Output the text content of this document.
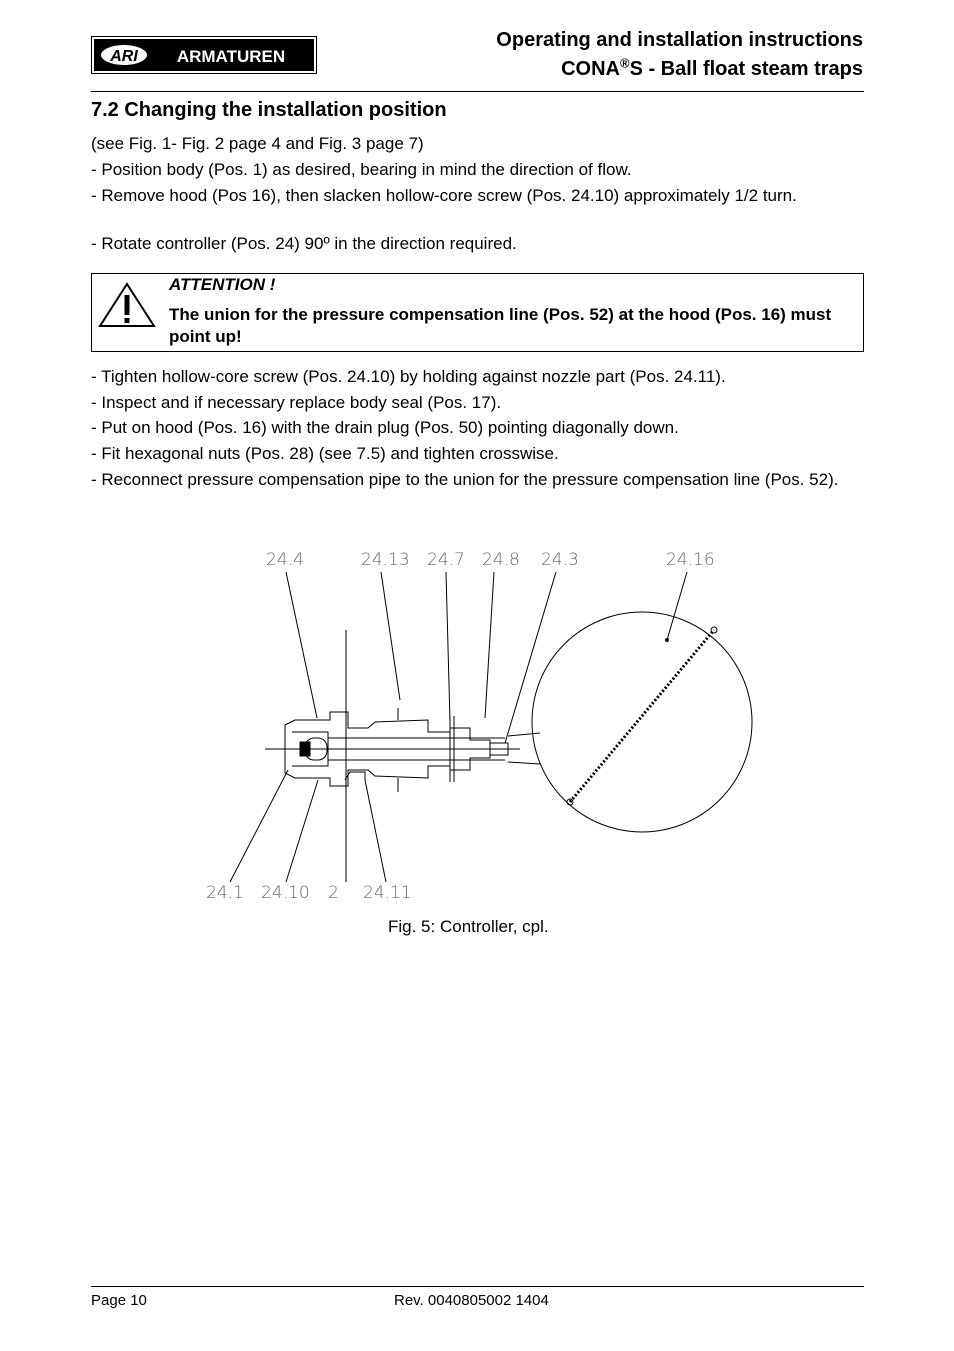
ARI ARMATUREN
Operating and installation instructions
CONA®S - Ball float steam traps
7.2 Changing the installation position
(see Fig. 1- Fig. 2 page 4 and Fig. 3 page 7)
- Position body (Pos. 1) as desired, bearing in mind the direction of flow.
- Remove hood (Pos 16), then slacken hollow-core screw (Pos. 24.10) approximately 1/2 turn.
- Rotate controller (Pos. 24) 90º in the direction required.
ATTENTION !
The union for the pressure compensation line (Pos. 52) at the hood (Pos. 16) must point up!
- Tighten hollow-core screw (Pos. 24.10) by holding against nozzle part (Pos. 24.11).
- Inspect and if necessary replace body seal (Pos. 17).
- Put on hood (Pos. 16) with the drain plug (Pos. 50) pointing diagonally down.
- Fit hexagonal nuts (Pos. 28) (see 7.5) and tighten crosswise.
- Reconnect pressure compensation pipe to the union for the pressure compensation line (Pos. 52).
24.4	24.13 24.7 24.8 24.3	24.16
24.1 24.10 2 24.11
Fig. 5: Controller, cpl.
Page 10	Rev. 0040805002 1404
